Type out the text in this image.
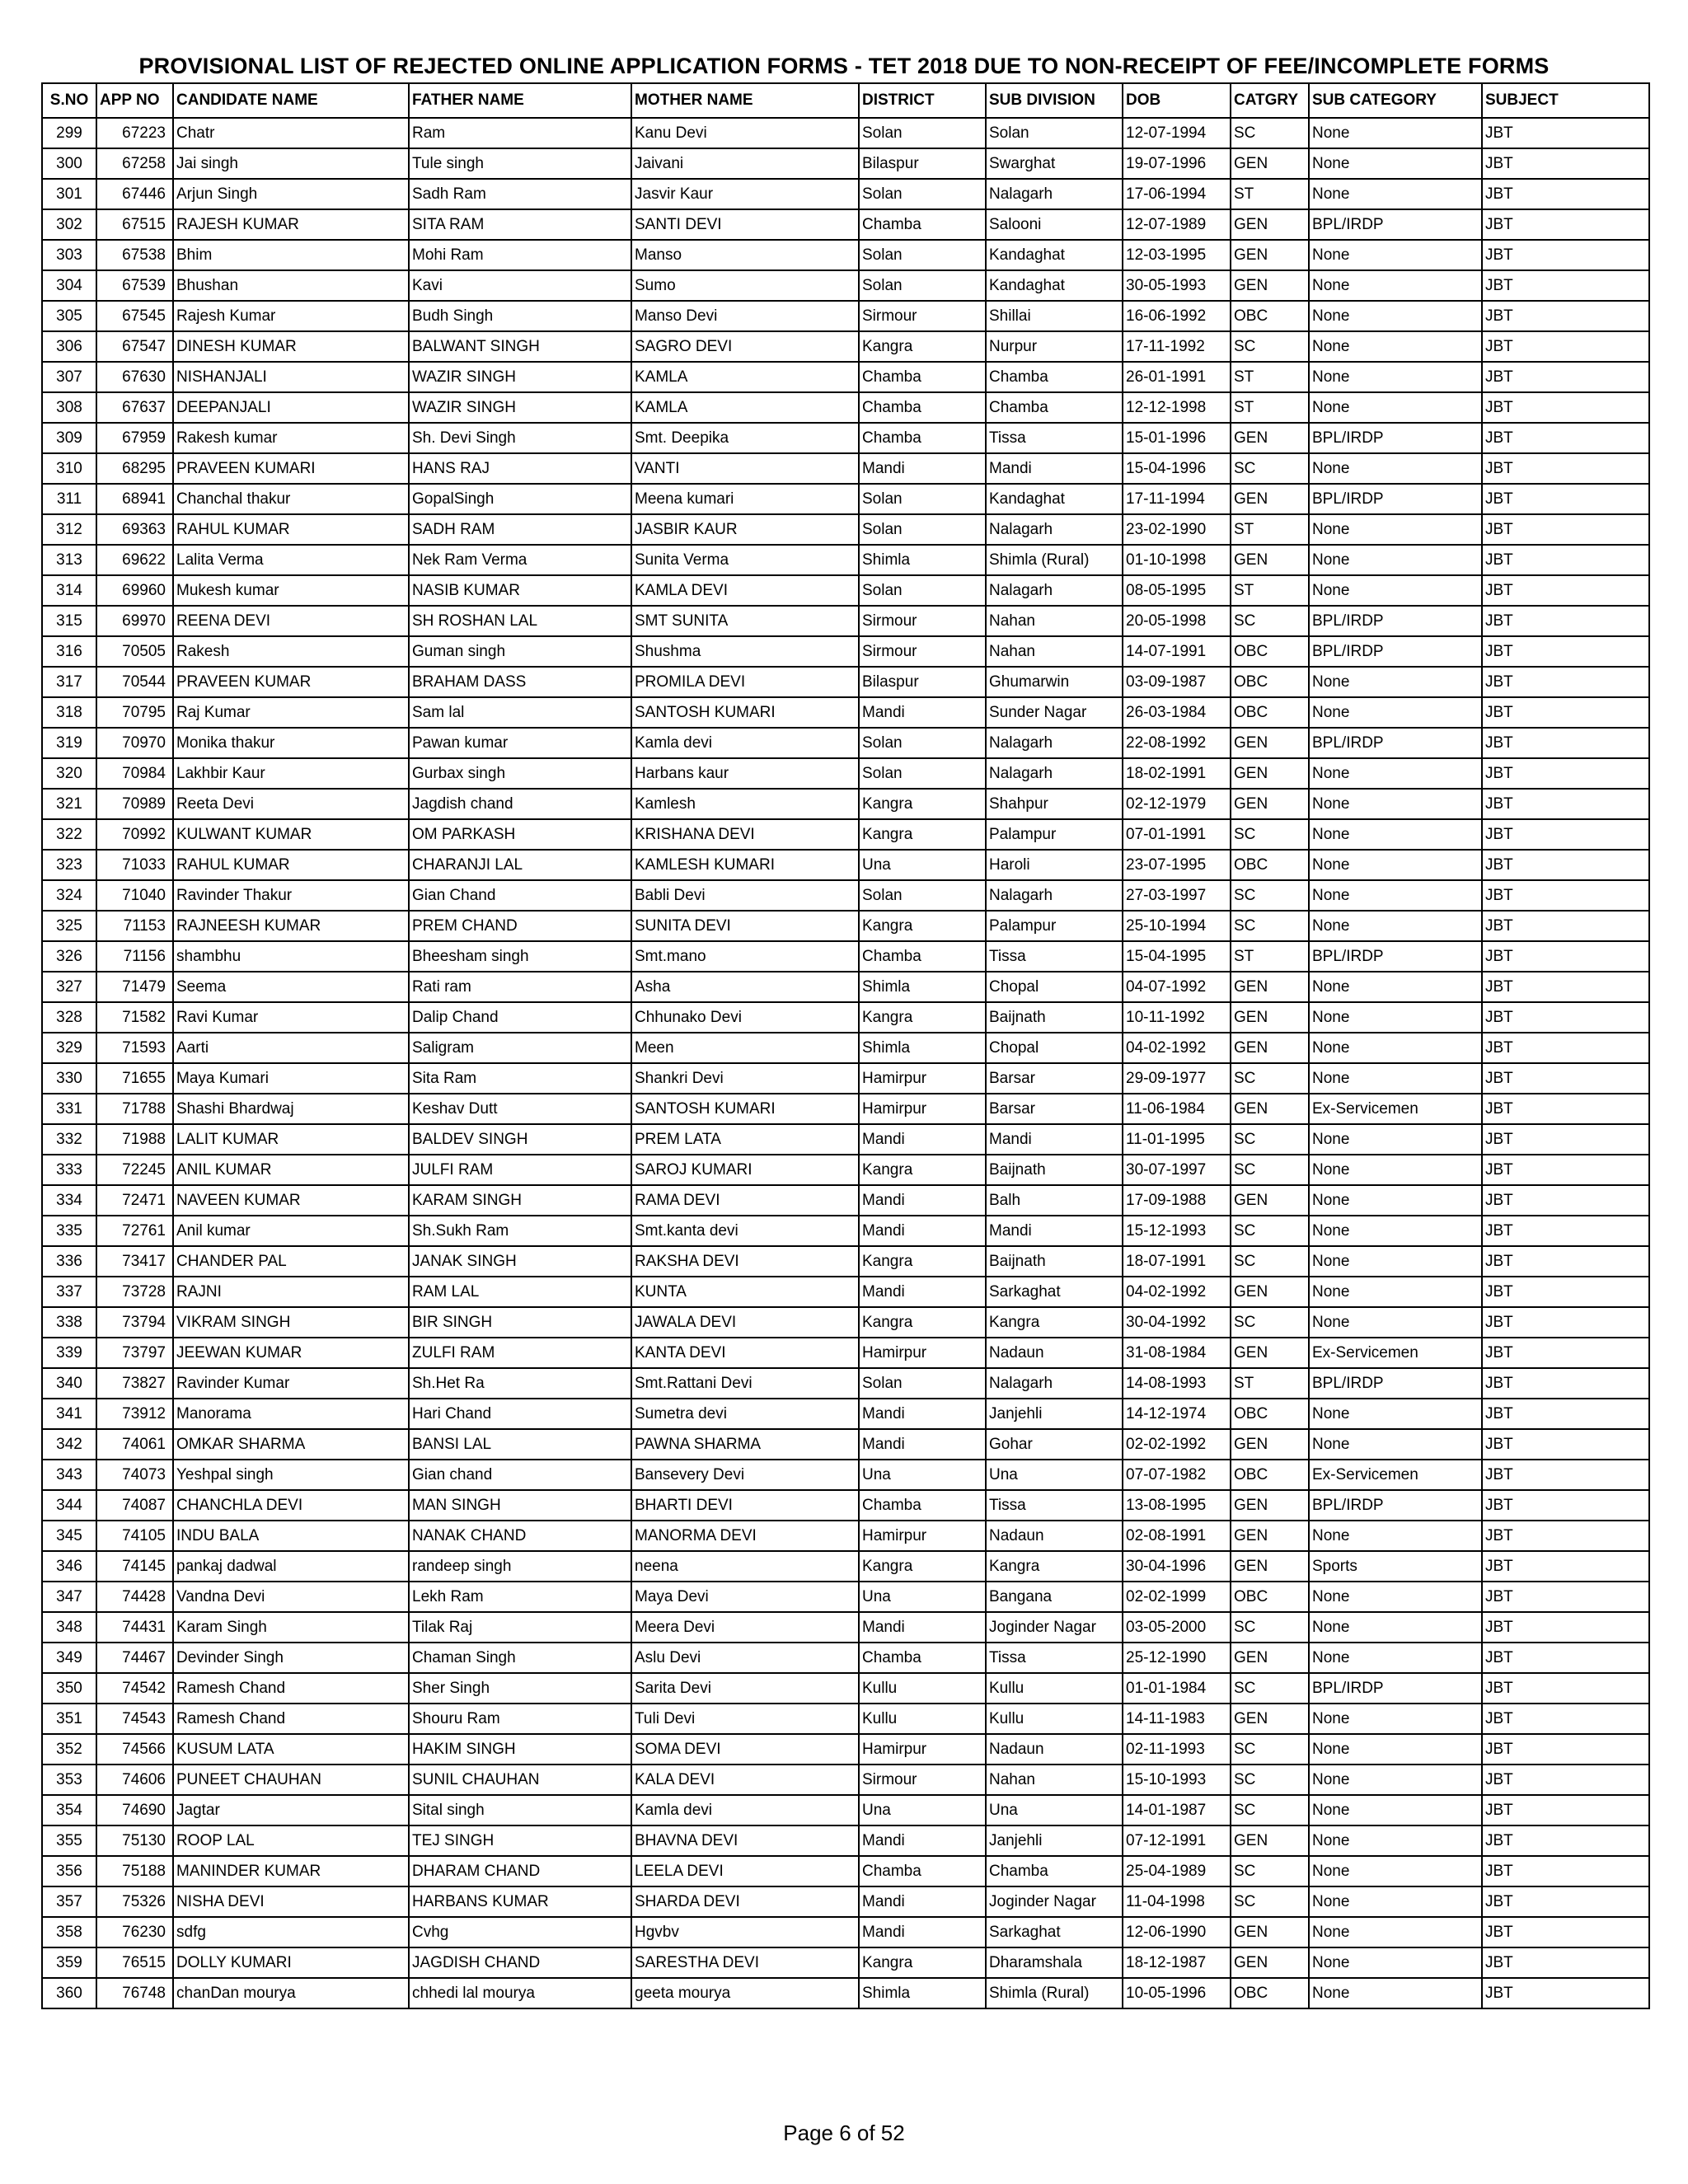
PROVISIONAL LIST OF REJECTED ONLINE APPLICATION FORMS - TET 2018 DUE TO NON-RECEIPT OF FEE/INCOMPLETE FORMS
S.NO	APP NO	CANDIDATE NAME	FATHER NAME	MOTHER NAME	DISTRICT	SUB DIVISION	DOB	CATGRY	SUB CATEGORY	SUBJECT
299	67223	Chatr	Ram	Kanu Devi	Solan	Solan	12-07-1994	SC	None	JBT
300	67258	Jai singh	Tule singh	Jaivani	Bilaspur	Swarghat	19-07-1996	GEN	None	JBT
301	67446	Arjun Singh	Sadh Ram	Jasvir Kaur	Solan	Nalagarh	17-06-1994	ST	None	JBT
302	67515	RAJESH KUMAR	SITA RAM	SANTI DEVI	Chamba	Salooni	12-07-1989	GEN	BPL/IRDP	JBT
303	67538	Bhim	Mohi Ram	Manso	Solan	Kandaghat	12-03-1995	GEN	None	JBT
304	67539	Bhushan	Kavi	Sumo	Solan	Kandaghat	30-05-1993	GEN	None	JBT
305	67545	Rajesh Kumar	Budh Singh	Manso Devi	Sirmour	Shillai	16-06-1992	OBC	None	JBT
306	67547	DINESH KUMAR	BALWANT SINGH	SAGRO DEVI	Kangra	Nurpur	17-11-1992	SC	None	JBT
307	67630	NISHANJALI	WAZIR SINGH	KAMLA	Chamba	Chamba	26-01-1991	ST	None	JBT
308	67637	DEEPANJALI	WAZIR SINGH	KAMLA	Chamba	Chamba	12-12-1998	ST	None	JBT
309	67959	Rakesh kumar	Sh. Devi Singh	Smt. Deepika	Chamba	Tissa	15-01-1996	GEN	BPL/IRDP	JBT
310	68295	PRAVEEN KUMARI	HANS RAJ	VANTI	Mandi	Mandi	15-04-1996	SC	None	JBT
311	68941	Chanchal thakur	GopalSingh	Meena kumari	Solan	Kandaghat	17-11-1994	GEN	BPL/IRDP	JBT
312	69363	RAHUL KUMAR	SADH RAM	JASBIR KAUR	Solan	Nalagarh	23-02-1990	ST	None	JBT
313	69622	Lalita Verma	Nek Ram Verma	Sunita Verma	Shimla	Shimla (Rural)	01-10-1998	GEN	None	JBT
314	69960	Mukesh kumar	NASIB KUMAR	KAMLA DEVI	Solan	Nalagarh	08-05-1995	ST	None	JBT
315	69970	REENA DEVI	SH ROSHAN LAL	SMT SUNITA	Sirmour	Nahan	20-05-1998	SC	BPL/IRDP	JBT
316	70505	Rakesh	Guman singh	Shushma	Sirmour	Nahan	14-07-1991	OBC	BPL/IRDP	JBT
317	70544	PRAVEEN KUMAR	BRAHAM DASS	PROMILA DEVI	Bilaspur	Ghumarwin	03-09-1987	OBC	None	JBT
318	70795	Raj Kumar	Sam lal	SANTOSH KUMARI	Mandi	Sunder Nagar	26-03-1984	OBC	None	JBT
319	70970	Monika thakur	Pawan kumar	Kamla devi	Solan	Nalagarh	22-08-1992	GEN	BPL/IRDP	JBT
320	70984	Lakhbir Kaur	Gurbax singh	Harbans kaur	Solan	Nalagarh	18-02-1991	GEN	None	JBT
321	70989	Reeta Devi	Jagdish chand	Kamlesh	Kangra	Shahpur	02-12-1979	GEN	None	JBT
322	70992	KULWANT KUMAR	OM PARKASH	KRISHANA DEVI	Kangra	Palampur	07-01-1991	SC	None	JBT
323	71033	RAHUL KUMAR	CHARANJI LAL	KAMLESH KUMARI	Una	Haroli	23-07-1995	OBC	None	JBT
324	71040	Ravinder Thakur	Gian Chand	Babli Devi	Solan	Nalagarh	27-03-1997	SC	None	JBT
325	71153	RAJNEESH KUMAR	PREM CHAND	SUNITA DEVI	Kangra	Palampur	25-10-1994	SC	None	JBT
326	71156	shambhu	Bheesham singh	Smt.mano	Chamba	Tissa	15-04-1995	ST	BPL/IRDP	JBT
327	71479	Seema	Rati ram	Asha	Shimla	Chopal	04-07-1992	GEN	None	JBT
328	71582	Ravi Kumar	Dalip Chand	Chhunako Devi	Kangra	Baijnath	10-11-1992	GEN	None	JBT
329	71593	Aarti	Saligram	Meen	Shimla	Chopal	04-02-1992	GEN	None	JBT
330	71655	Maya Kumari	Sita Ram	Shankri Devi	Hamirpur	Barsar	29-09-1977	SC	None	JBT
331	71788	Shashi Bhardwaj	Keshav Dutt	SANTOSH KUMARI	Hamirpur	Barsar	11-06-1984	GEN	Ex-Servicemen	JBT
332	71988	LALIT KUMAR	BALDEV SINGH	PREM LATA	Mandi	Mandi	11-01-1995	SC	None	JBT
333	72245	ANIL KUMAR	JULFI RAM	SAROJ KUMARI	Kangra	Baijnath	30-07-1997	SC	None	JBT
334	72471	NAVEEN KUMAR	KARAM SINGH	RAMA DEVI	Mandi	Balh	17-09-1988	GEN	None	JBT
335	72761	Anil kumar	Sh.Sukh Ram	Smt.kanta devi	Mandi	Mandi	15-12-1993	SC	None	JBT
336	73417	CHANDER PAL	JANAK SINGH	RAKSHA DEVI	Kangra	Baijnath	18-07-1991	SC	None	JBT
337	73728	RAJNI	RAM LAL	KUNTA	Mandi	Sarkaghat	04-02-1992	GEN	None	JBT
338	73794	VIKRAM SINGH	BIR SINGH	JAWALA DEVI	Kangra	Kangra	30-04-1992	SC	None	JBT
339	73797	JEEWAN KUMAR	ZULFI RAM	KANTA DEVI	Hamirpur	Nadaun	31-08-1984	GEN	Ex-Servicemen	JBT
340	73827	Ravinder Kumar	Sh.Het Ra	Smt.Rattani Devi	Solan	Nalagarh	14-08-1993	ST	BPL/IRDP	JBT
341	73912	Manorama	Hari Chand	Sumetra devi	Mandi	Janjehli	14-12-1974	OBC	None	JBT
342	74061	OMKAR SHARMA	BANSI LAL	PAWNA SHARMA	Mandi	Gohar	02-02-1992	GEN	None	JBT
343	74073	Yeshpal singh	Gian chand	Bansevery Devi	Una	Una	07-07-1982	OBC	Ex-Servicemen	JBT
344	74087	CHANCHLA DEVI	MAN SINGH	BHARTI DEVI	Chamba	Tissa	13-08-1995	GEN	BPL/IRDP	JBT
345	74105	INDU BALA	NANAK CHAND	MANORMA DEVI	Hamirpur	Nadaun	02-08-1991	GEN	None	JBT
346	74145	pankaj dadwal	randeep singh	neena	Kangra	Kangra	30-04-1996	GEN	Sports	JBT
347	74428	Vandna Devi	Lekh Ram	Maya Devi	Una	Bangana	02-02-1999	OBC	None	JBT
348	74431	Karam Singh	Tilak Raj	Meera Devi	Mandi	Joginder Nagar	03-05-2000	SC	None	JBT
349	74467	Devinder Singh	Chaman Singh	Aslu Devi	Chamba	Tissa	25-12-1990	GEN	None	JBT
350	74542	Ramesh Chand	Sher Singh	Sarita Devi	Kullu	Kullu	01-01-1984	SC	BPL/IRDP	JBT
351	74543	Ramesh Chand	Shouru Ram	Tuli Devi	Kullu	Kullu	14-11-1983	GEN	None	JBT
352	74566	KUSUM LATA	HAKIM SINGH	SOMA DEVI	Hamirpur	Nadaun	02-11-1993	SC	None	JBT
353	74606	PUNEET CHAUHAN	SUNIL CHAUHAN	KALA DEVI	Sirmour	Nahan	15-10-1993	SC	None	JBT
354	74690	Jagtar	Sital singh	Kamla devi	Una	Una	14-01-1987	SC	None	JBT
355	75130	ROOP LAL	TEJ SINGH	BHAVNA DEVI	Mandi	Janjehli	07-12-1991	GEN	None	JBT
356	75188	MANINDER KUMAR	DHARAM CHAND	LEELA DEVI	Chamba	Chamba	25-04-1989	SC	None	JBT
357	75326	NISHA DEVI	HARBANS KUMAR	SHARDA DEVI	Mandi	Joginder Nagar	11-04-1998	SC	None	JBT
358	76230	sdfg	Cvhg	Hgvbv	Mandi	Sarkaghat	12-06-1990	GEN	None	JBT
359	76515	DOLLY KUMARI	JAGDISH CHAND	SARESTHA DEVI	Kangra	Dharamshala	18-12-1987	GEN	None	JBT
360	76748	chanDan mourya	chhedi lal mourya	geeta mourya	Shimla	Shimla (Rural)	10-05-1996	OBC	None	JBT
Page 6 of 52
